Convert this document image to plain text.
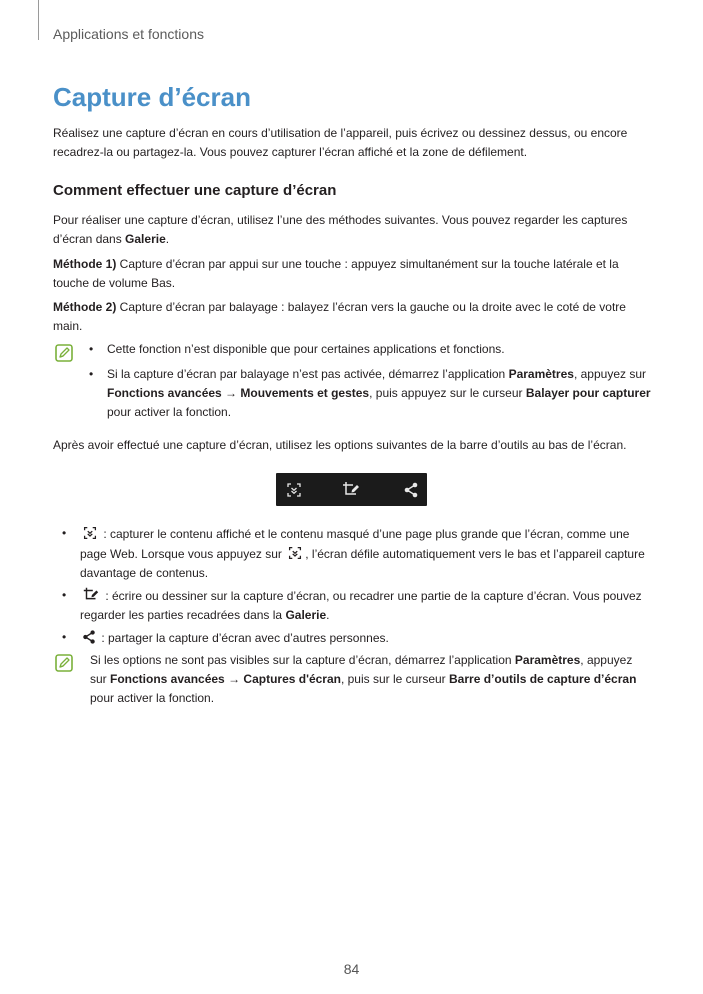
Applications et fonctions
Capture d’écran

Réalisez une capture d’écran en cours d’utilisation de l’appareil, puis écrivez ou dessinez dessus, ou encore recadrez-la ou partagez-la. Vous pouvez capturer l’écran affiché et la zone de défilement.

Comment effectuer une capture d’écran

Pour réaliser une capture d’écran, utilisez l’une des méthodes suivantes. Vous pouvez regarder les captures d’écran dans Galerie.

Méthode 1) Capture d’écran par appui sur une touche : appuyez simultanément sur la touche latérale et la touche de volume Bas.

Méthode 2) Capture d’écran par balayage : balayez l’écran vers la gauche ou la droite avec le coté de votre main.

• Cette fonction n’est disponible que pour certaines applications et fonctions.
• Si la capture d’écran par balayage n’est pas activée, démarrez l’application Paramètres, appuyez sur Fonctions avancées → Mouvements et gestes, puis appuyez sur le curseur Balayer pour capturer pour activer la fonction.

Après avoir effectué une capture d’écran, utilisez les options suivantes de la barre d’outils au bas de l’écran.

•	: capturer le contenu affiché et le contenu masqué d’une page plus grande que l’écran, comme une page Web. Lorsque vous appuyez sur , l’écran défile automatiquement vers le bas et l’appareil capture davantage de contenus.
•	: écrire ou dessiner sur la capture d’écran, ou recadrer une partie de la capture d’écran. Vous pouvez regarder les parties recadrées dans la Galerie.
•	: partager la capture d’écran avec d’autres personnes.
Si les options ne sont pas visibles sur la capture d’écran, démarrez l’application Paramètres, appuyez sur Fonctions avancées → Captures d'écran, puis sur le curseur Barre d’outils de capture d’écran pour activer la fonction.
84
